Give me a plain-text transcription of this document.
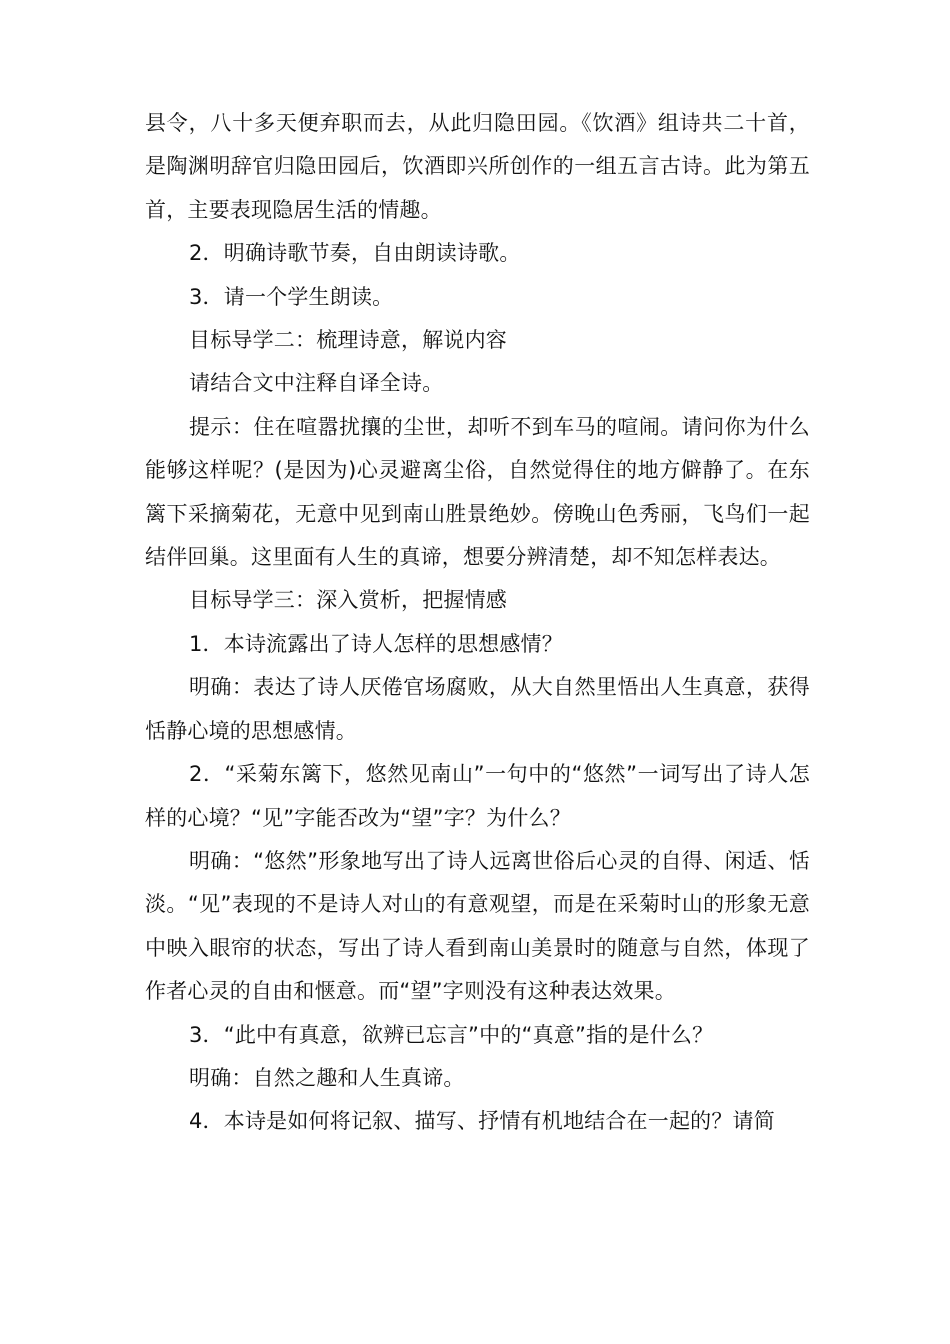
县令，八十多天便弃职而去，从此归隐田园。《饮酒》组诗共二十首，是陶渊明辞官归隐田园后，饮酒即兴所创作的一组五言古诗。此为第五首，主要表现隐居生活的情趣。

2．明确诗歌节奏，自由朗读诗歌。

3．请一个学生朗读。

目标导学二：梳理诗意，解说内容

请结合文中注释自译全诗。

提示：住在喧嚣扰攘的尘世，却听不到车马的喧闹。请问你为什么能够这样呢？(是因为)心灵避离尘俗，自然觉得住的地方僻静了。在东篱下采摘菊花，无意中见到南山胜景绝妙。傍晚山色秀丽，飞鸟们一起结伴回巢。这里面有人生的真谛，想要分辨清楚，却不知怎样表达。

目标导学三：深入赏析，把握情感

1．本诗流露出了诗人怎样的思想感情？

明确：表达了诗人厌倦官场腐败，从大自然里悟出人生真意，获得恬静心境的思想感情。

2．“采菊东篱下，悠然见南山”一句中的“悠然”一词写出了诗人怎样的心境？“见”字能否改为“望”字？为什么？

明确：“悠然”形象地写出了诗人远离世俗后心灵的自得、闲适、恬淡。“见”表现的不是诗人对山的有意观望，而是在采菊时山的形象无意中映入眼帘的状态，写出了诗人看到南山美景时的随意与自然，体现了作者心灵的自由和惬意。而“望”字则没有这种表达效果。

3．“此中有真意，欲辨已忘言”中的“真意”指的是什么？

明确：自然之趣和人生真谛。

4．本诗是如何将记叙、描写、抒情有机地结合在一起的？请简
